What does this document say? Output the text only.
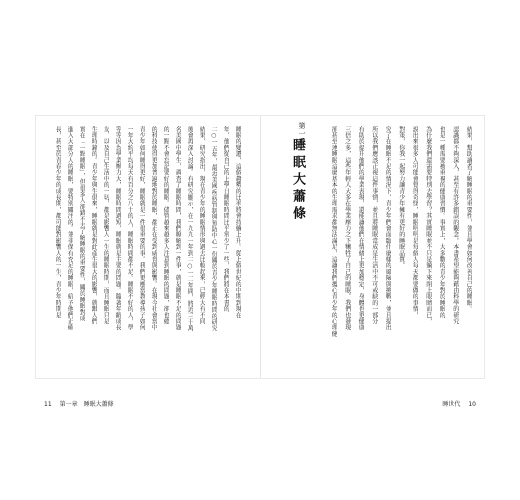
長，甚至於青春少年的成長期，都可能對影響人的一生，青少年時期是 進入大部分人的睡眠，要特別關注的。並非保有充足的睡眠，給予他們正確 實在「一點睡眠」，但很多人卻錯不去了解睡眠的重要性，關於睡眠對成 生理時鐘的。青少年與生俱來，睡眠就是對此產生很大的影響，就跟人們 友、以及自己生活中的一切，都是影響人一生的睡眠時期，而且睡眠只是 等等因為學業壓力大，睡眠時間過短，睡眠就是主要的問題。隨著年齡成長 一年大約平均每天有百分之八十的人，睡眠時間都不足。睡眠不好的人，學 青少年如何睡得更好，睡眠就是一件很重要的事。我們更應當教導孩子如何 的科技使得更加普遍地對於睡眠，都正在受到威脅與影響。在現今社會當中 的一點不會忘記要好的睡眠。儘管越來越多人注意到睡眠的問題，卻也總 名美國中學生，調查了睡眠時間，我們瞭解到一件事，就是睡眠不足的問題 後會再深入討論。有研究顯示，在一九九一年到二○一二年間，將近三十萬 結果，研究指出，現在青少年的睡眠情形與過去比較起來，已經大有不同 二○一五年，最近美國疾病管制與預防中心一份關於青少年睡眠時間的研究 年，他們從自己的上學日睡眠時間比平常少了一些，我們將在本書的 睡眠的變遷，這個趨勢的比率將會持續上升。從上個世紀的中期到現在	第一章
睡眠大蕭條	卻甚至連睡眠這麼基本的生理需求都無法滿足，這讓我們擔心青少年的心理健 三倍之多，這些年輕人大多在學業壓力之下犧牲了自己的睡眠。我們也發現 有助於提升他們的學業表現，還能讓他們在情緒上更加穩定，身體也更健康 所以我們應該正視這件事情，並且將睡眠當成是生活中不可或缺的一部分 究了在睡眠不足的情況下，青少年們會面臨什麼樣的風險與挑戰，並且提出 對策，你我一起努力讓青少年擁有更好的睡眠品質。 說出來很多人可能會覺得奇怪，睡眠明明是每個人每天都要做的事情， 為什麼我們還需要特別去學習？其實睡眠並不只是躺下來閉上眼睛而已， 也是一種需要被重視的健康習慣。事實上，大多數的青少年對於睡眠的 認識都不夠深入，甚至有許多錯誤的觀念。本書希望能夠藉由科學的研究 結果，幫助讀者了解睡眠的重要性，並且學會如何改善自己的睡眠。
11 第一章　睡眠大蕭條	睡世代 10
